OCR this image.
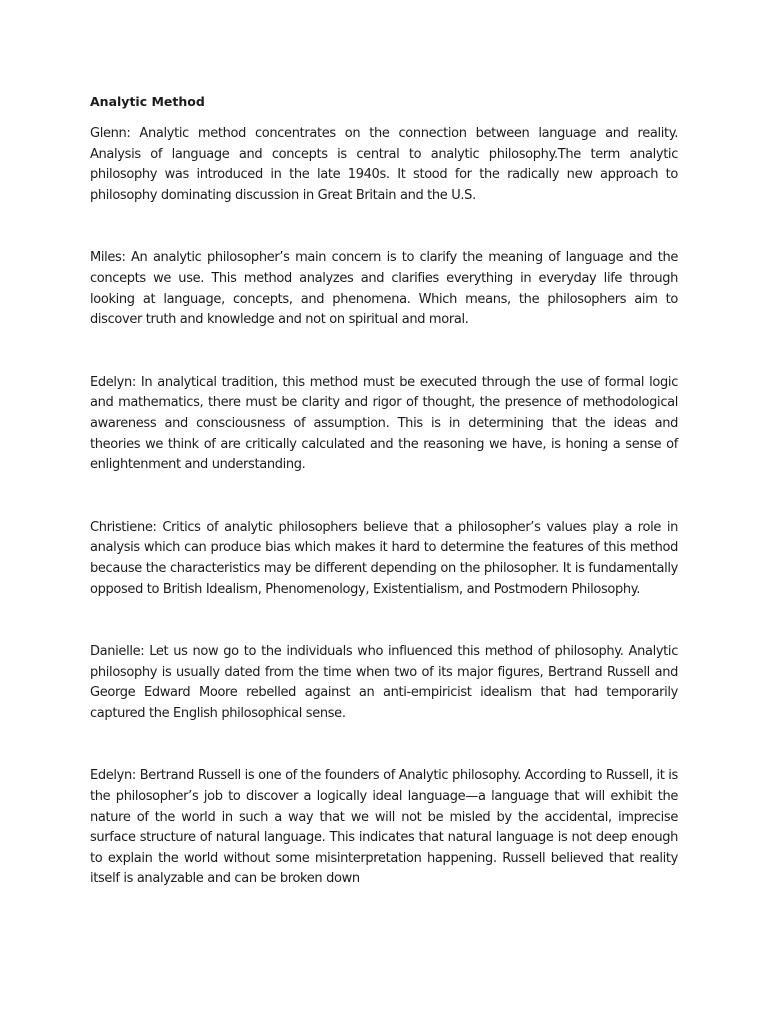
Analytic Method

Glenn: Analytic method concentrates on the connection between language and reality. Analysis of language and concepts is central to analytic philosophy.The term analytic philosophy was introduced in the late 1940s. It stood for the radically new approach to philosophy dominating discussion in Great Britain and the U.S.

Miles: An analytic philosopher’s main concern is to clarify the meaning of language and the concepts we use. This method analyzes and clarifies everything in everyday life through looking at language, concepts, and phenomena. Which means, the philosophers aim to discover truth and knowledge and not on spiritual and moral.

Edelyn: In analytical tradition, this method must be executed through the use of formal logic and mathematics, there must be clarity and rigor of thought, the presence of methodological awareness and consciousness of assumption. This is in determining that the ideas and theories we think of are critically calculated and the reasoning we have, is honing a sense of enlightenment and understanding.

Christiene: Critics of analytic philosophers believe that a philosopher’s values play a role in analysis which can produce bias which makes it hard to determine the features of this method because the characteristics may be different depending on the philosopher. It is fundamentally opposed to British Idealism, Phenomenology, Existentialism, and Postmodern Philosophy.

Danielle: Let us now go to the individuals who influenced this method of philosophy. Analytic philosophy is usually dated from the time when two of its major figures, Bertrand Russell and George Edward Moore rebelled against an anti-empiricist idealism that had temporarily captured the English philosophical sense.

Edelyn: Bertrand Russell is one of the founders of Analytic philosophy. According to Russell, it is the philosopher’s job to discover a logically ideal language—a language that will exhibit the nature of the world in such a way that we will not be misled by the accidental, imprecise surface structure of natural language. This indicates that natural language is not deep enough to explain the world without some misinterpretation happening. Russell believed that reality itself is analyzable and can be broken down
